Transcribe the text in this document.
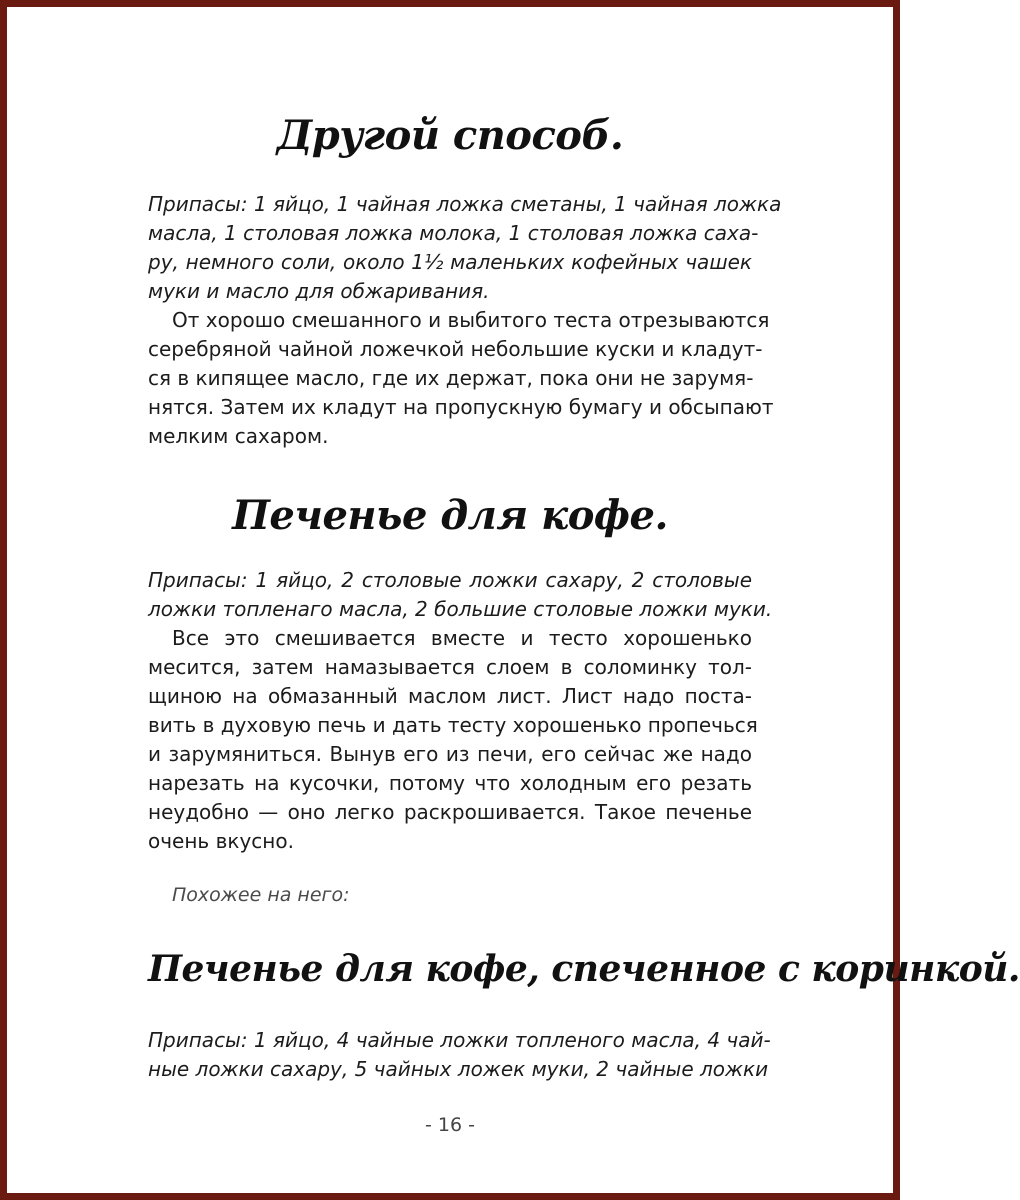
Другой способ.
Припасы: 1 яйцо, 1 чайная ложка сметаны, 1 чайная ложка
масла, 1 столовая ложка молока, 1 столовая ложка саха-
ру, немного соли, около 1½ маленьких кофейных чашек
муки и масло для обжаривания.
От хорошо смешанного и выбитого теста отрезываются
серебряной чайной ложечкой небольшие куски и кладут-
ся в кипящее масло, где их держат, пока они не зарумя-
нятся. Затем их кладут на пропускную бумагу и обсыпают
мелким сахаром.
Печенье для кофе.
Припасы: 1 яйцо, 2 столовые ложки сахару, 2 столовые
ложки топленаго масла, 2 большие столовые ложки муки.
Все это смешивается вместе и тесто хорошенько
месится, затем намазывается слоем в соломинку тол-
щиною на обмазанный маслом лист. Лист надо поста-
вить в духовую печь и дать тесту хорошенько пропечься
и зарумяниться. Вынув его из печи, его сейчас же надо
нарезать на кусочки, потому что холодным его резать
неудобно — оно легко раскрошивается. Такое печенье
очень вкусно.
Похожее на него:
Печенье для кофе, спеченное с коринкой.
Припасы: 1 яйцо, 4 чайные ложки топленого масла, 4 чай-
ные ложки сахару, 5 чайных ложек муки, 2 чайные ложки
- 16 -
